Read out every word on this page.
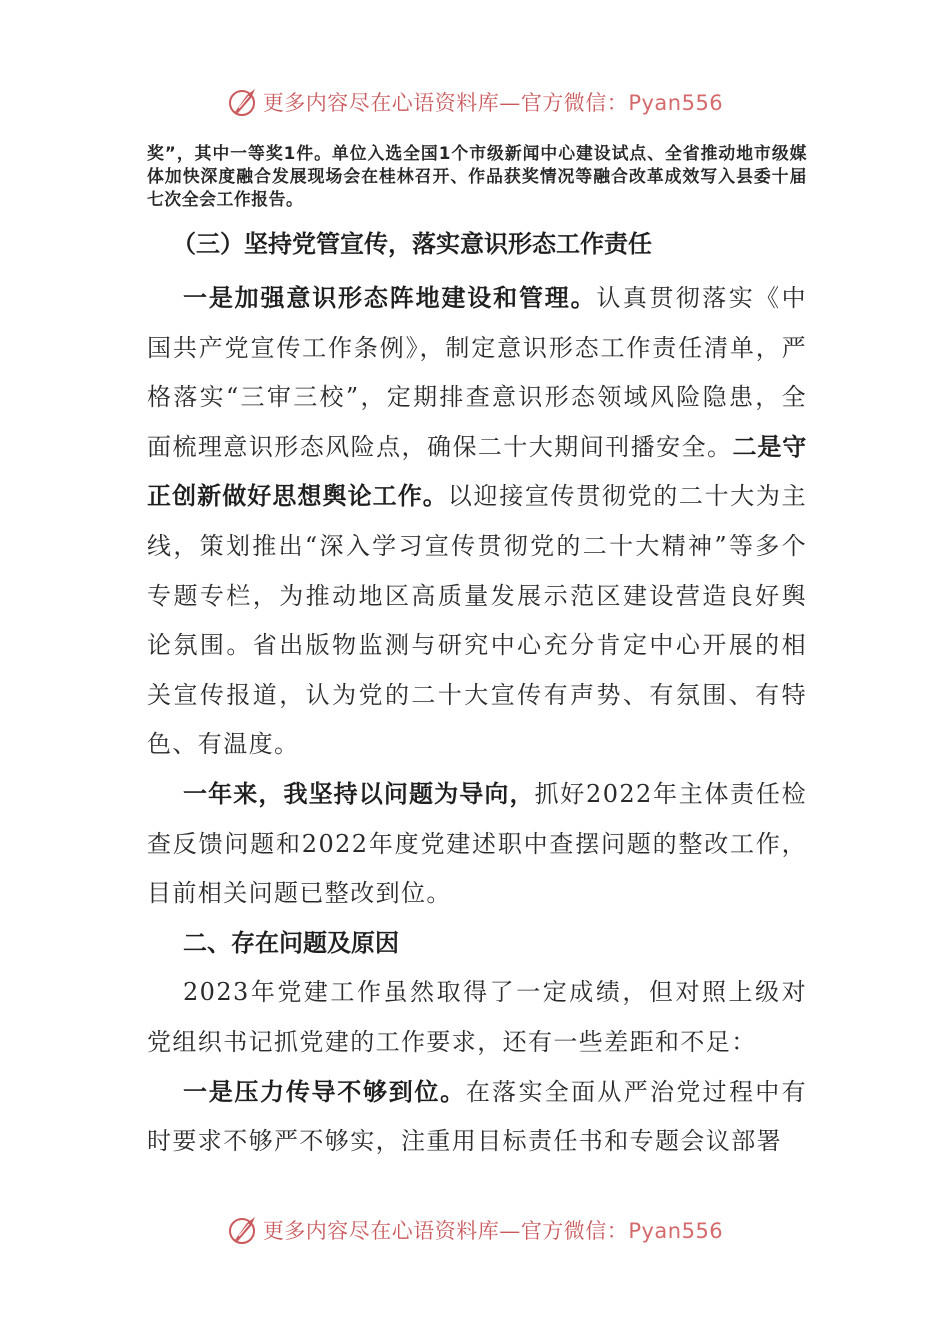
更多内容尽在心语资料库—官方微信：Pyan556

奖”，其中一等奖1件。单位入选全国1个市级新闻中心建设试点、全省推动地市级媒体加快深度融合发展现场会在桂林召开、作品获奖情况等融合改革成效写入县委十届七次全会工作报告。

（三）坚持党管宣传，落实意识形态工作责任

一是加强意识形态阵地建设和管理。认真贯彻落实《中国共产党宣传工作条例》，制定意识形态工作责任清单，严格落实“三审三校”，定期排查意识形态领域风险隐患，全面梳理意识形态风险点，确保二十大期间刊播安全。二是守正创新做好思想舆论工作。以迎接宣传贯彻党的二十大为主线，策划推出“深入学习宣传贯彻党的二十大精神”等多个专题专栏，为推动地区高质量发展示范区建设营造良好舆论氛围。省出版物监测与研究中心充分肯定中心开展的相关宣传报道，认为党的二十大宣传有声势、有氛围、有特色、有温度。

一年来，我坚持以问题为导向，抓好2022年主体责任检查反馈问题和2022年度党建述职中查摆问题的整改工作，目前相关问题已整改到位。

二、存在问题及原因

2023年党建工作虽然取得了一定成绩，但对照上级对党组织书记抓党建的工作要求，还有一些差距和不足：

一是压力传导不够到位。在落实全面从严治党过程中有时要求不够严不够实，注重用目标责任书和专题会议部署

更多内容尽在心语资料库—官方微信：Pyan556
